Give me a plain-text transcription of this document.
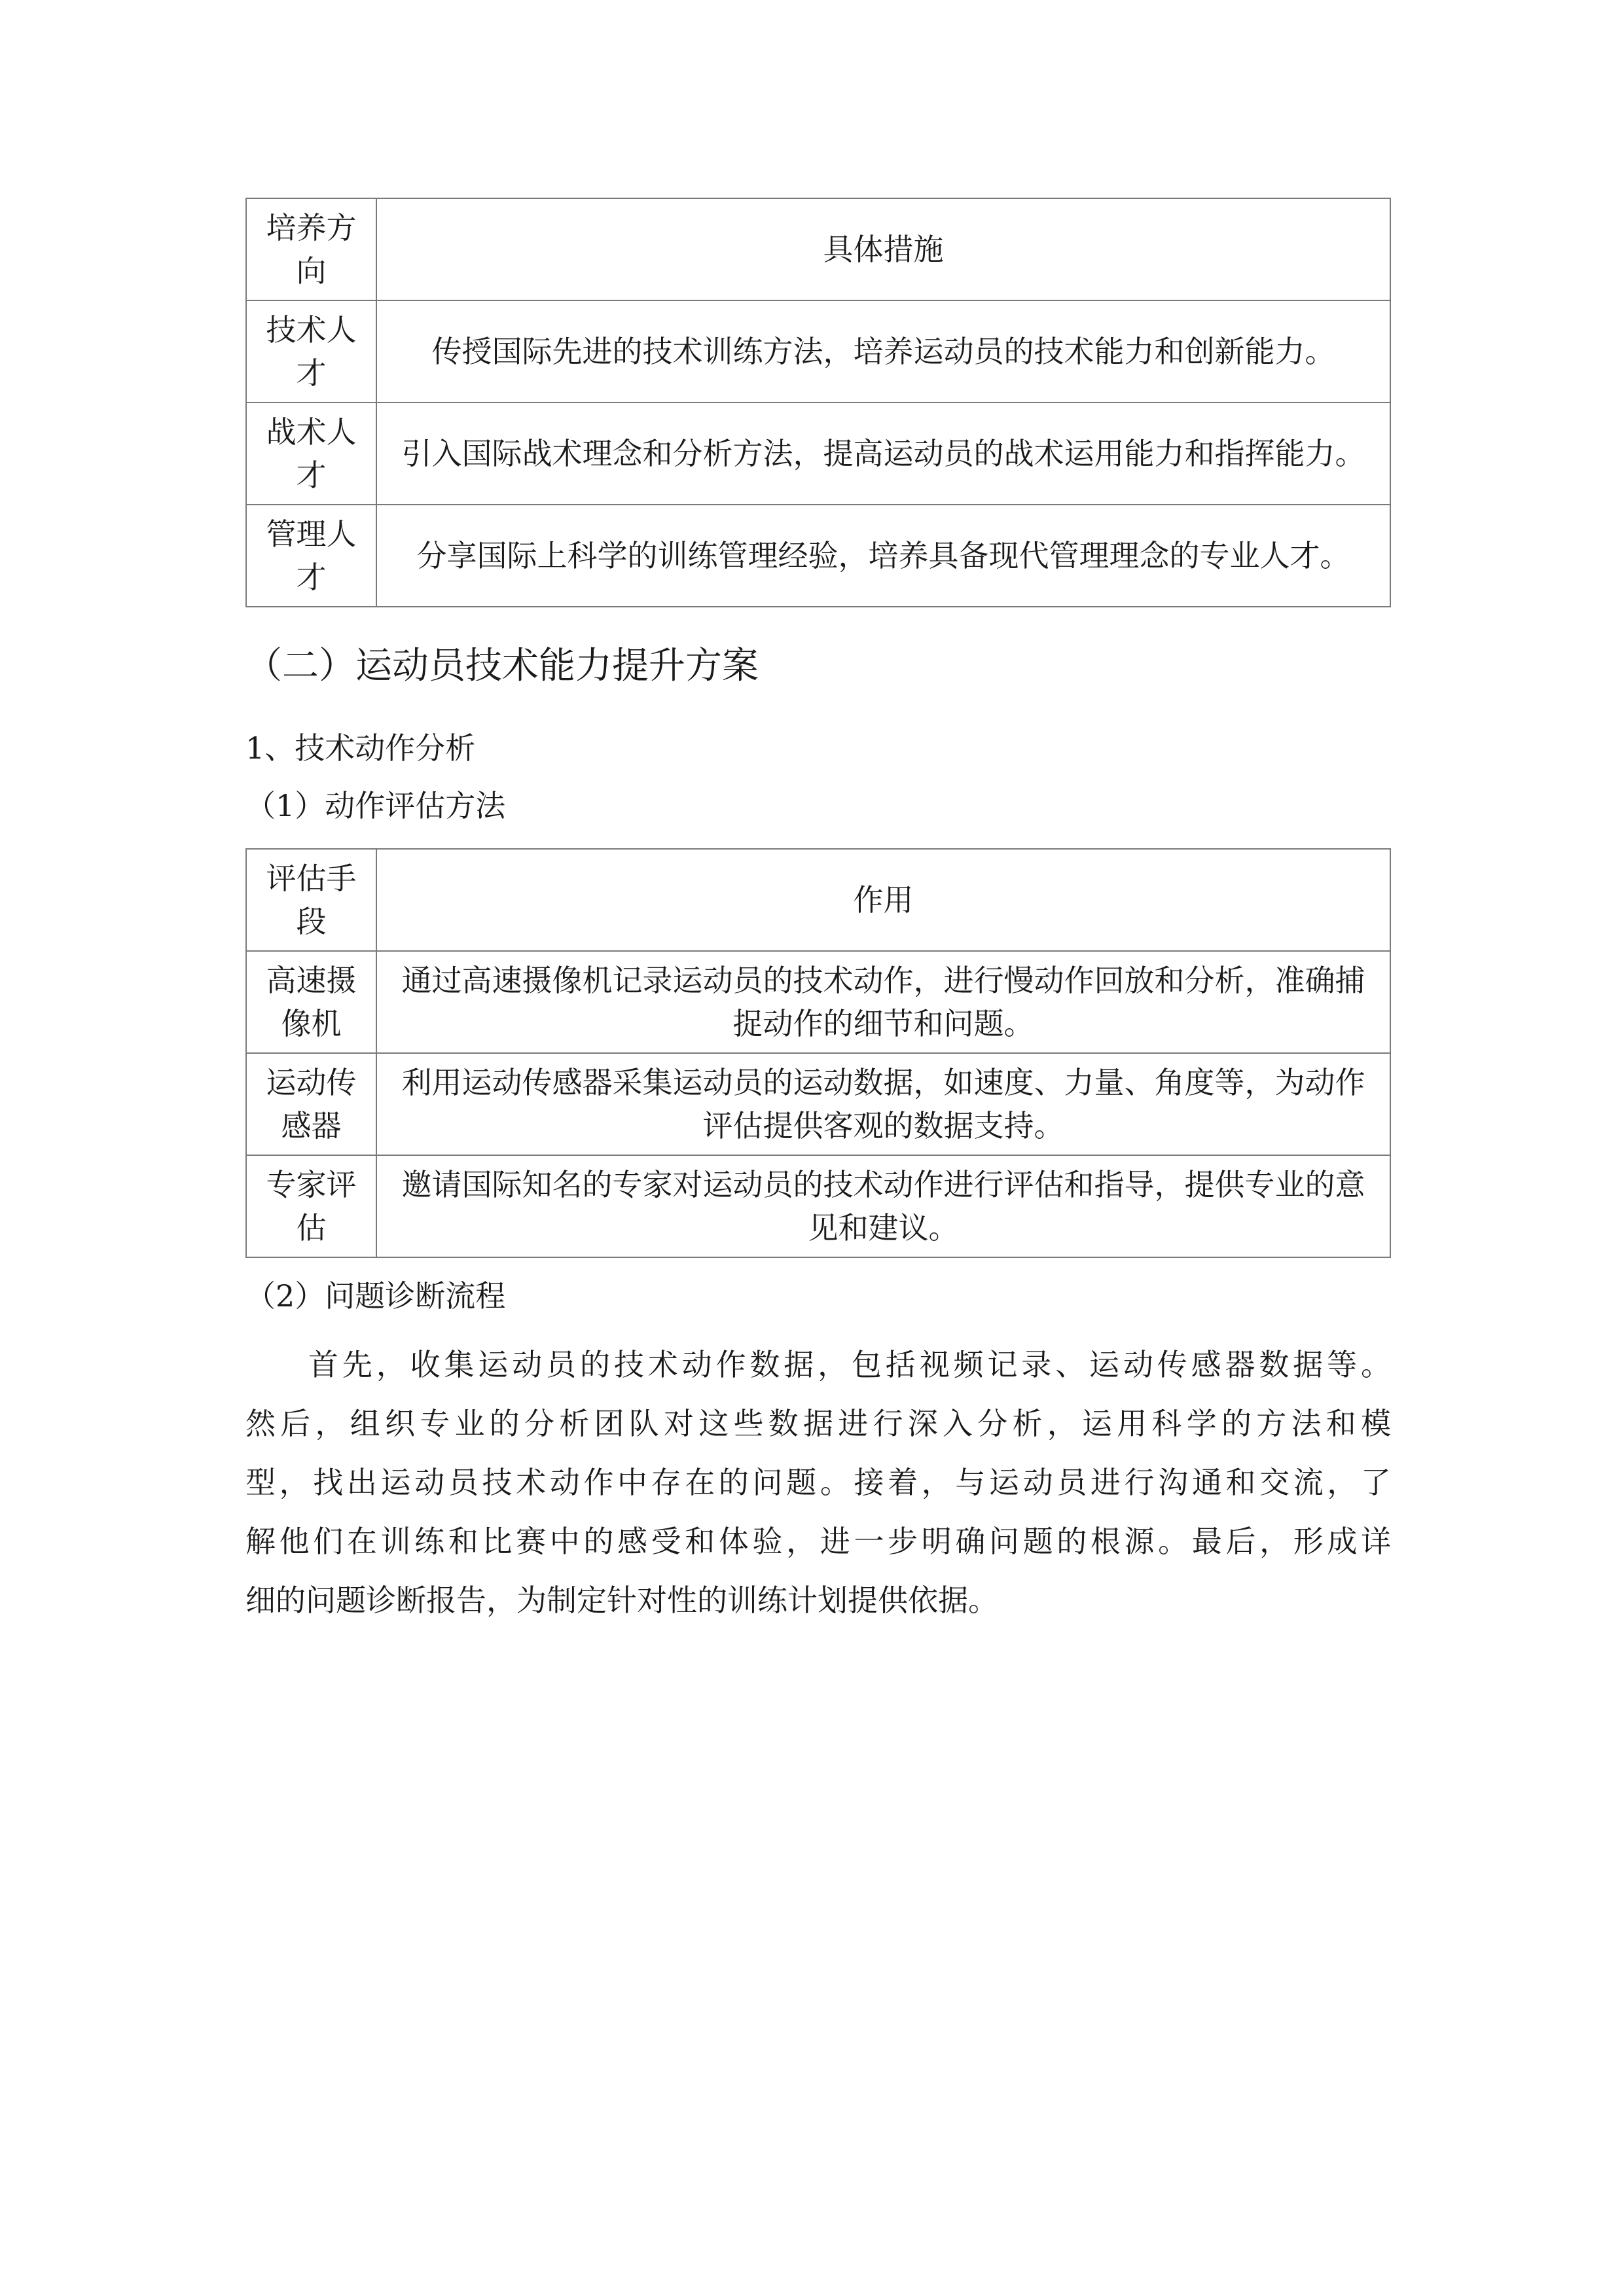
培养方向	具体措施
技术人才	传授国际先进的技术训练方法，培养运动员的技术能力和创新能力。
战术人才	引入国际战术理念和分析方法，提高运动员的战术运用能力和指挥能力。
管理人才	分享国际上科学的训练管理经验，培养具备现代管理理念的专业人才。
（二）运动员技术能力提升方案
1、技术动作分析
（1）动作评估方法
评估手段	作用
高速摄像机	通过高速摄像机记录运动员的技术动作，进行慢动作回放和分析，准确捕捉动作的细节和问题。
运动传感器	利用运动传感器采集运动员的运动数据，如速度、力量、角度等，为动作评估提供客观的数据支持。
专家评估	邀请国际知名的专家对运动员的技术动作进行评估和指导，提供专业的意见和建议。
（2）问题诊断流程
首先，收集运动员的技术动作数据，包括视频记录、运动传感器数据等。
然后，组织专业的分析团队对这些数据进行深入分析，运用科学的方法和模
型，找出运动员技术动作中存在的问题。接着，与运动员进行沟通和交流，了
解他们在训练和比赛中的感受和体验，进一步明确问题的根源。最后，形成详
细的问题诊断报告，为制定针对性的训练计划提供依据。
